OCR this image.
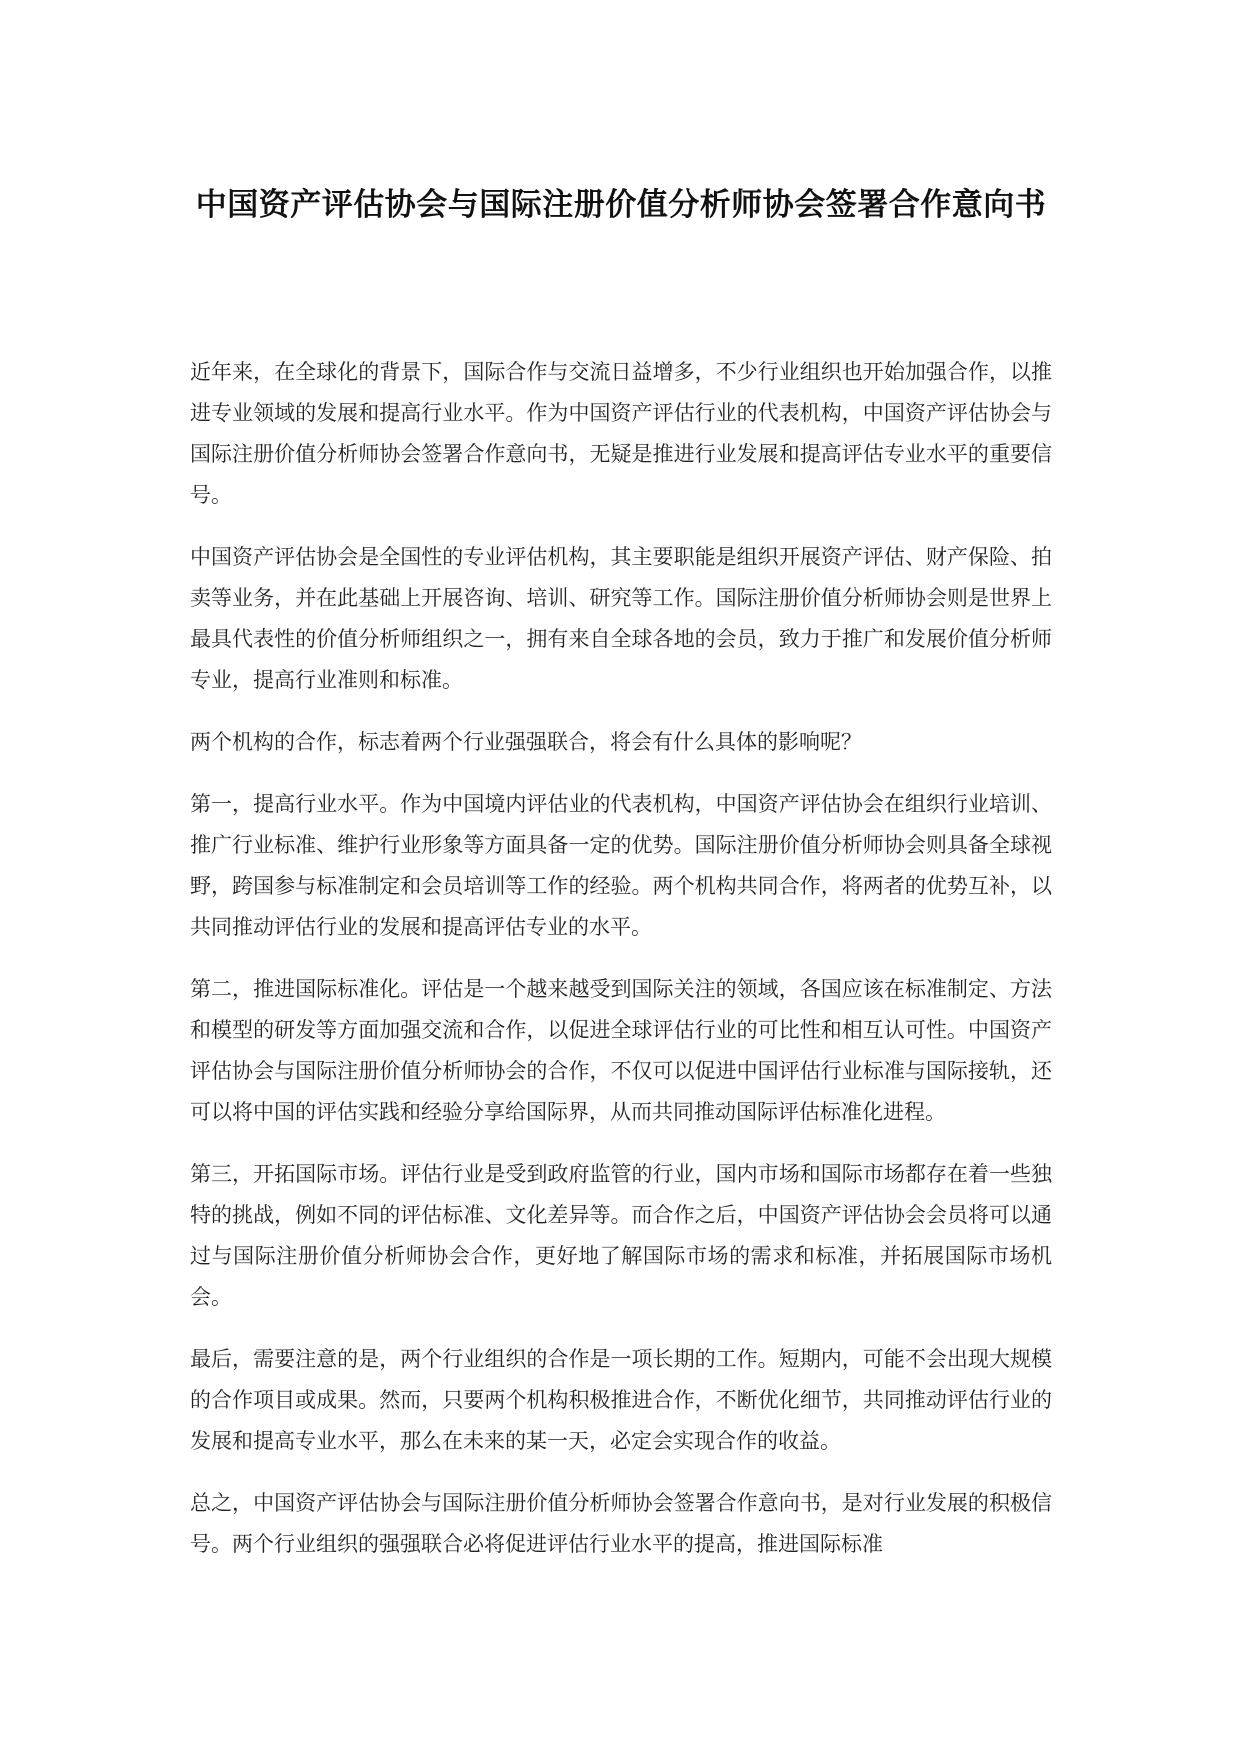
中国资产评估协会与国际注册价值分析师协会签署合作意向书

近年来，在全球化的背景下，国际合作与交流日益增多，不少行业组织也开始加强合作，以推进专业领域的发展和提高行业水平。作为中国资产评估行业的代表机构，中国资产评估协会与国际注册价值分析师协会签署合作意向书，无疑是推进行业发展和提高评估专业水平的重要信号。

中国资产评估协会是全国性的专业评估机构，其主要职能是组织开展资产评估、财产保险、拍卖等业务，并在此基础上开展咨询、培训、研究等工作。国际注册价值分析师协会则是世界上最具代表性的价值分析师组织之一，拥有来自全球各地的会员，致力于推广和发展价值分析师专业，提高行业准则和标准。

两个机构的合作，标志着两个行业强强联合，将会有什么具体的影响呢？

第一，提高行业水平。作为中国境内评估业的代表机构，中国资产评估协会在组织行业培训、推广行业标准、维护行业形象等方面具备一定的优势。国际注册价值分析师协会则具备全球视野，跨国参与标准制定和会员培训等工作的经验。两个机构共同合作，将两者的优势互补，以共同推动评估行业的发展和提高评估专业的水平。

第二，推进国际标准化。评估是一个越来越受到国际关注的领域，各国应该在标准制定、方法和模型的研发等方面加强交流和合作，以促进全球评估行业的可比性和相互认可性。中国资产评估协会与国际注册价值分析师协会的合作，不仅可以促进中国评估行业标准与国际接轨，还可以将中国的评估实践和经验分享给国际界，从而共同推动国际评估标准化进程。

第三，开拓国际市场。评估行业是受到政府监管的行业，国内市场和国际市场都存在着一些独特的挑战，例如不同的评估标准、文化差异等。而合作之后，中国资产评估协会会员将可以通过与国际注册价值分析师协会合作，更好地了解国际市场的需求和标准，并拓展国际市场机会。

最后，需要注意的是，两个行业组织的合作是一项长期的工作。短期内，可能不会出现大规模的合作项目或成果。然而，只要两个机构积极推进合作，不断优化细节，共同推动评估行业的发展和提高专业水平，那么在未来的某一天，必定会实现合作的收益。

总之，中国资产评估协会与国际注册价值分析师协会签署合作意向书，是对行业发展的积极信号。两个行业组织的强强联合必将促进评估行业水平的提高，推进国际标准
